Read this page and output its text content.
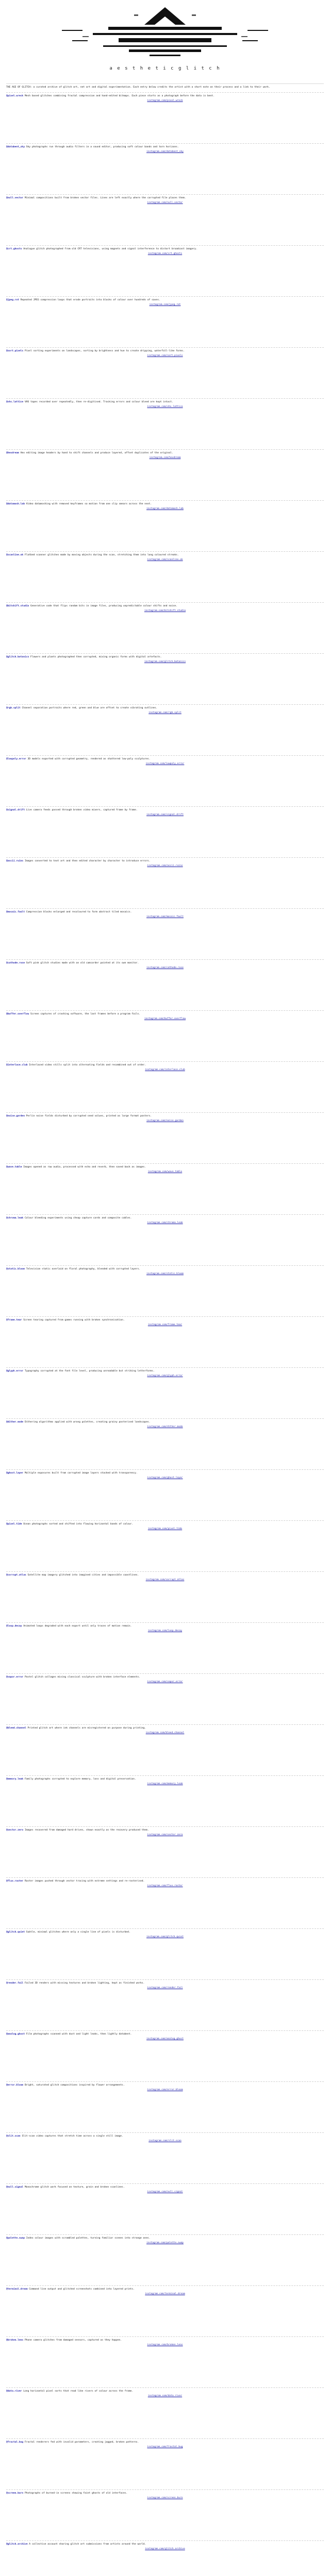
a e s t h e t i c g l i t c h
THE AGE OF GLITCH: a curated archive of glitch art, net art and digital experimentation. Each entry below credits the artist with a short note on their process and a link to their work.

@pixel.wreck Mesh based glitches combining fractal compression and hand-edited bitmaps. Each piece starts as a photograph before the data is bent.

instagram.com/pixel.wreck

@databent_sky Sky photographs run through audio filters in a sound editor, producing soft colour bands and torn horizons.

instagram.com/databent_sky

@null.vector Minimal compositions built from broken vector files. Lines are left exactly where the corrupted file places them.

instagram.com/null.vector

@crt.ghosts Analogue glitch photographed from old CRT televisions, using magnets and signal interference to distort broadcast imagery.

instagram.com/crt.ghosts

@jpeg.rot Repeated JPEG compression loops that erode portraits into blocks of colour over hundreds of saves.

instagram.com/jpeg.rot

@sort.pixels Pixel sorting experiments on landscapes, sorting by brightness and hue to create dripping, waterfall-like forms.

instagram.com/sort.pixels

@vhs.lattice VHS tapes recorded over repeatedly, then re-digitised. Tracking errors and colour bleed are kept intact.

instagram.com/vhs.lattice

@hexdream Hex editing image headers by hand to shift channels and produce layered, offset duplicates of the original.

instagram.com/hexdream

@datamosh.lab Video datamoshing with removed keyframes so motion from one clip smears across the next.

instagram.com/datamosh.lab

@scanline.ok Flatbed scanner glitches made by moving objects during the scan, stretching them into long coloured streaks.

instagram.com/scanline.ok

@bitshift.studio Generative code that flips random bits in image files, producing unpredictable colour shifts and noise.

instagram.com/bitshift.studio

@glitch.botanics Flowers and plants photographed then corrupted, mixing organic forms with digital artefacts.

instagram.com/glitch.botanics

@rgb.split Channel separation portraits where red, green and blue are offset to create vibrating outlines.

instagram.com/rgb.split

@lowpoly.error 3D models exported with corrupted geometry, rendered as shattered low-poly sculptures.

instagram.com/lowpoly.error

@signal.drift Live camera feeds passed through broken video mixers, captured frame by frame.

instagram.com/signal.drift

@ascii.ruins Images converted to text art and then edited character by character to introduce errors.

instagram.com/ascii.ruins

@mosaic.fault Compression blocks enlarged and recoloured to form abstract tiled mosaics.

instagram.com/mosaic.fault

@cathode.rose Soft pink glitch studies made with an old camcorder pointed at its own monitor.

instagram.com/cathode.rose

@buffer.overflow Screen captures of crashing software, the last frames before a program fails.

instagram.com/buffer.overflow

@interlace.club Interlaced video stills split into alternating fields and recombined out of order.

instagram.com/interlace.club

@noise.garden Perlin noise fields disturbed by corrupted seed values, printed as large format posters.

instagram.com/noise.garden

@wave.table Images opened as raw audio, processed with echo and reverb, then saved back as images.

instagram.com/wave.table

@chroma.leak Colour bleeding experiments using cheap capture cards and composite cables.

instagram.com/chroma.leak

@static.bloom Television static overlaid on floral photography, blended with corrupted layers.

instagram.com/static.bloom

@frame.tear Screen tearing captured from games running with broken synchronisation.

instagram.com/frame.tear

@glyph.error Typography corrupted at the font file level, producing unreadable but striking letterforms.

instagram.com/glyph.error

@dither.mode Dithering algorithms applied with wrong palettes, creating grainy posterised landscapes.

instagram.com/dither.mode

@ghost.layer Multiple exposures built from corrupted image layers stacked with transparency.

instagram.com/ghost.layer

@pixel.tide Ocean photographs sorted and shifted into flowing horizontal bands of colour.

instagram.com/pixel.tide

@corrupt.atlas Satellite map imagery glitched into imagined cities and impossible coastlines.

instagram.com/corrupt.atlas

@loop.decay Animated loops degraded with each export until only traces of motion remain.

instagram.com/loop.decay

@vapor.error Pastel glitch collages mixing classical sculpture with broken interface elements.

instagram.com/vapor.error

@bleed.channel Printed glitch art where ink channels are misregistered on purpose during printing.

instagram.com/bleed.channel

@memory.leak Family photographs corrupted to explore memory, loss and digital preservation.

instagram.com/memory.leak

@sector.zero Images recovered from damaged hard drives, shown exactly as the recovery produced them.

instagram.com/sector.zero

@flux.raster Raster images pushed through vector tracing with extreme settings and re-rasterised.

instagram.com/flux.raster

@glitch.quiet Subtle, minimal glitches where only a single line of pixels is disturbed.

instagram.com/glitch.quiet

@render.fail Failed 3D renders with missing textures and broken lighting, kept as finished works.

instagram.com/render.fail

@analog.ghost Film photographs scanned with dust and light leaks, then lightly databent.

instagram.com/analog.ghost

@error.bloom Bright, saturated glitch compositions inspired by flower arrangements.

instagram.com/error.bloom

@slit.scan Slit-scan video captures that stretch time across a single still image.

instagram.com/slit.scan

@null.signal Monochrome glitch work focused on texture, grain and broken scanlines.

instagram.com/null.signal

@palette.swap Index colour images with scrambled palettes, turning familiar scenes into strange ones.

instagram.com/palette.swap

@terminal.dream Command line output and glitched screenshots combined into layered prints.

instagram.com/terminal.dream

@broken.lens Phone camera glitches from damaged sensors, captured as they happen.

instagram.com/broken.lens

@data.river Long horizontal pixel sorts that read like rivers of colour across the frame.

instagram.com/data.river

@fractal.bug Fractal renderers fed with invalid parameters, creating jagged, broken patterns.

instagram.com/fractal.bug

@screen.burn Photographs of burned-in screens showing faint ghosts of old interfaces.

instagram.com/screen.burn

@glitch.archive A collective account sharing glitch art submissions from artists around the world.

instagram.com/glitch.archive
